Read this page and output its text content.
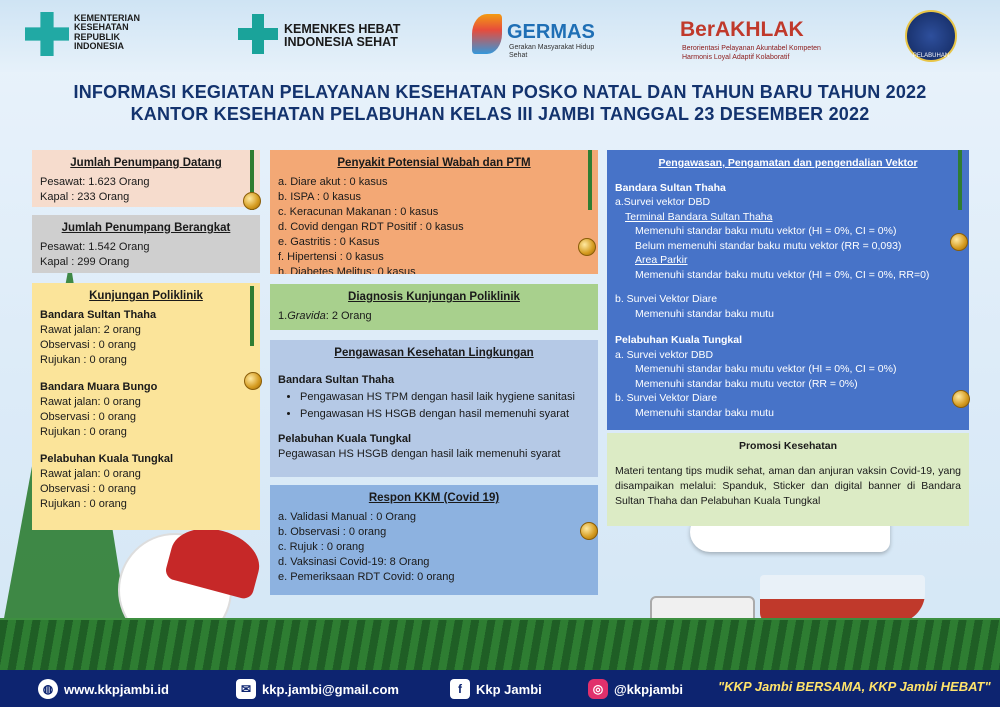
KEMENTERIAN
KESEHATAN
REPUBLIK
INDONESIA
KEMENKES HEBAT
INDONESIA SEHAT	GERMAS
Gerakan Masyarakat Hidup Sehat
BerAKHLAK
Berorientasi Pelayanan Akuntabel Kompeten
Harmonis Loyal Adaptif Kolaboratif	PELABUHAN
INFORMASI KEGIATAN PELAYANAN KESEHATAN POSKO NATAL DAN TAHUN BARU TAHUN 2022
KANTOR KESEHATAN PELABUHAN KELAS III JAMBI TANGGAL 23 DESEMBER 2022
Jumlah Penumpang Datang
Pesawat: 1.623 Orang
Kapal : 233 Orang
Jumlah Penumpang Berangkat
Pesawat: 1.542 Orang
Kapal : 299 Orang
Kunjungan Poliklinik
Bandara Sultan Thaha
Rawat jalan: 2 orang
Observasi : 0 orang
Rujukan : 0 orang
Bandara Muara Bungo
Rawat jalan: 0 orang
Observasi : 0 orang
Rujukan : 0 orang
Pelabuhan Kuala Tungkal
Rawat jalan: 0 orang
Observasi : 0 orang
Rujukan : 0 orang
Penyakit Potensial Wabah dan PTM
a. Diare akut : 0 kasus
b. ISPA : 0 kasus
c. Keracunan Makanan : 0 kasus
d. Covid dengan RDT Positif : 0 kasus
e. Gastritis : 0 Kasus
f. Hipertensi : 0 kasus
h. Diabetes Melitus: 0 kasus
Diagnosis Kunjungan Poliklinik
1.Gravida: 2 Orang
Pengawasan Kesehatan Lingkungan
Bandara Sultan Thaha
• Pengawasan HS TPM dengan hasil laik hygiene sanitasi
• Pengawasan HS HSGB dengan hasil memenuhi syarat
Pelabuhan Kuala Tungkal
Pegawasan HS HSGB dengan hasil laik memenuhi syarat
Respon KKM (Covid 19)
a. Validasi Manual : 0 Orang
b. Observasi : 0 orang
c. Rujuk : 0 orang
d. Vaksinasi Covid-19: 8 Orang
e. Pemeriksaan RDT Covid: 0 orang
Pengawasan, Pengamatan dan pengendalian Vektor
Bandara Sultan Thaha
a.Survei vektor DBD
Terminal Bandara Sultan Thaha
Memenuhi standar baku mutu vektor (HI = 0%, CI = 0%)
Belum memenuhi standar baku mutu vektor (RR = 0,093)
Area Parkir
Memenuhi standar baku mutu vektor (HI = 0%, CI = 0%, RR=0)
b. Survei Vektor Diare
Memenuhi standar baku mutu
Pelabuhan Kuala Tungkal
a. Survei vektor DBD
Memenuhi standar baku mutu vektor (HI = 0%, CI = 0%)
Memenuhi standar baku mutu vector (RR = 0%)
b. Survei Vektor Diare
Memenuhi standar baku mutu
Promosi Kesehatan
Materi tentang tips mudik sehat, aman dan anjuran vaksin Covid-19, yang disampaikan melalui: Spanduk, Sticker dan digital banner di Bandara Sultan Thaha dan Pelabuhan Kuala Tungkal
◍ www.kkpjambi.id	✉ kkp.jambi@gmail.com	f	Kkp Jambi	◎ @kkpjambi	"KKP Jambi BERSAMA, KKP Jambi HEBAT"
